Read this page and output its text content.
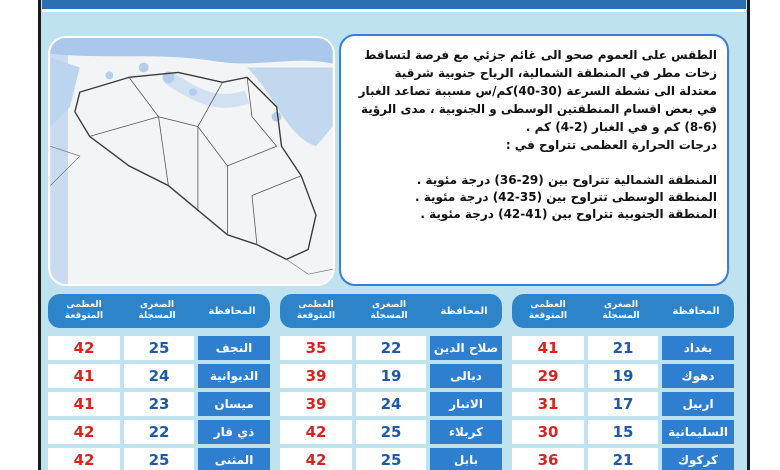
الطقس على العموم صحو الى غائم جزئي مع فرصة لتساقط زخات مطر في المنطقة الشمالية، الرياح جنوبية شرقية معتدلة الى نشطة السرعة (30-40)كم/س مسببة تصاعد الغبار في بعض اقسام المنطقتين الوسطى و الجنوبية ، مدى الرؤية (6-8) كم و في الغبار (2-4) كم .
درجات الحرارة العظمى تتراوح في :
المنطقة الشمالية تتراوح بين (29-36) درجة مئوية .
المنطقة الوسطى تتراوح بين (35-42) درجة مئوية .
المنطقة الجنوبية تتراوح بين (41-42) درجة مئوية .
المحافظة
الصغرى المسجلة
العظمى المتوقعة
بغداد
21
41
دهوك
19
29
اربيل
17
31
السليمانية
15
30
كركوك
21
36
المحافظة
الصغرى المسجلة
العظمى المتوقعة
صلاح الدين
22
35
ديالى
19
39
الانبار
24
39
كربلاء
25
42
بابل
25
42
المحافظة
الصغرى المسجلة
العظمى المتوقعة
النجف
25
42
الديوانية
24
41
ميسان
23
41
ذي قار
22
42
المثنى
25
42
